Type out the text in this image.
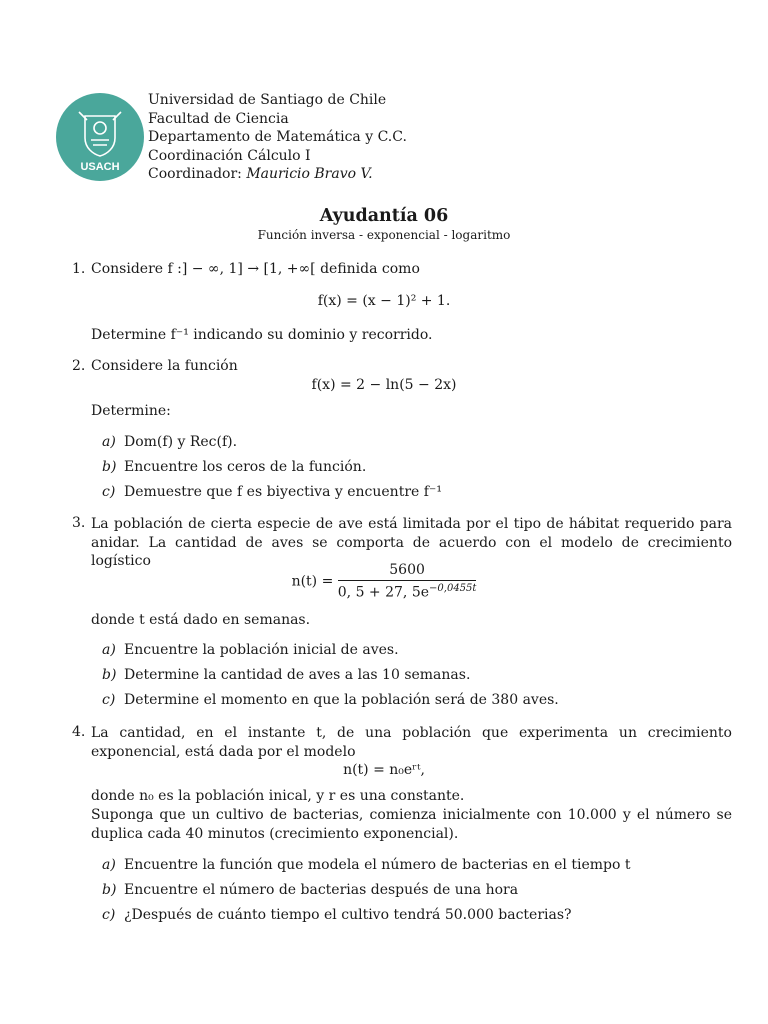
USACH
Universidad de Santiago de Chile
Facultad de Ciencia
Departamento de Matemática y C.C.
Coordinación Cálculo I
Coordinador: Mauricio Bravo V.
Ayudantía 06
Función inversa - exponencial - logaritmo
1. Considere f :] − ∞, 1] → [1, +∞[ definida como
f(x) = (x − 1)² + 1.
Determine f⁻¹ indicando su dominio y recorrido.
2. Considere la función
f(x) = 2 − ln(5 − 2x)
Determine:
a) Dom(f) y Rec(f).
b) Encuentre los ceros de la función.
c) Demuestre que f es biyectiva y encuentre f⁻¹
3. La población de cierta especie de ave está limitada por el tipo de hábitat requerido para anidar. La cantidad de aves se comporta de acuerdo con el modelo de crecimiento logístico
$n(t) = \frac{5600}{0, 5 + 27, 5e^{-0,0455t}}$
donde t está dado en semanas.
a) Encuentre la población inicial de aves.
b) Determine la cantidad de aves a las 10 semanas.
c) Determine el momento en que la población será de 380 aves.
4. La cantidad, en el instante t, de una población que experimenta un crecimiento exponencial, está dada por el modelo
n(t) = n₀eʳᵗ,
donde n₀ es la población inical, y r es una constante.
Suponga que un cultivo de bacterias, comienza inicialmente con 10.000 y el número se duplica cada 40 minutos (crecimiento exponencial).
a) Encuentre la función que modela el número de bacterias en el tiempo t
b) Encuentre el número de bacterias después de una hora
c) ¿Después de cuánto tiempo el cultivo tendrá 50.000 bacterias?
